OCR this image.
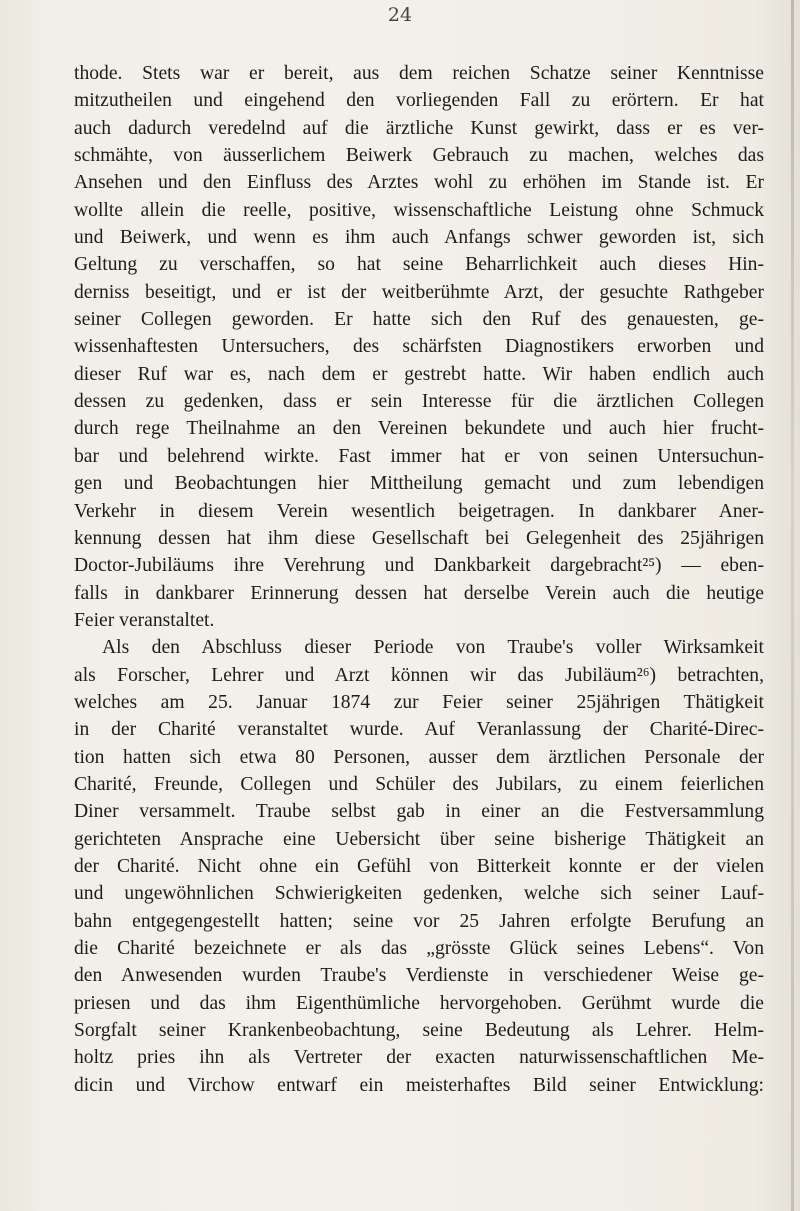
24
thode. Stets war er bereit, aus dem reichen Schatze seiner Kenntnisse
mitzutheilen und eingehend den vorliegenden Fall zu erörtern. Er hat
auch dadurch veredelnd auf die ärztliche Kunst gewirkt, dass er es ver-
schmähte, von äusserlichem Beiwerk Gebrauch zu machen, welches das
Ansehen und den Einfluss des Arztes wohl zu erhöhen im Stande ist. Er
wollte allein die reelle, positive, wissenschaftliche Leistung ohne Schmuck
und Beiwerk, und wenn es ihm auch Anfangs schwer geworden ist, sich
Geltung zu verschaffen, so hat seine Beharrlichkeit auch dieses Hin-
derniss beseitigt, und er ist der weitberühmte Arzt, der gesuchte Rathgeber
seiner Collegen geworden. Er hatte sich den Ruf des genauesten, ge-
wissenhaftesten Untersuchers, des schärfsten Diagnostikers erworben und
dieser Ruf war es, nach dem er gestrebt hatte. Wir haben endlich auch
dessen zu gedenken, dass er sein Interesse für die ärztlichen Collegen
durch rege Theilnahme an den Vereinen bekundete und auch hier frucht-
bar und belehrend wirkte. Fast immer hat er von seinen Untersuchun-
gen und Beobachtungen hier Mittheilung gemacht und zum lebendigen
Verkehr in diesem Verein wesentlich beigetragen. In dankbarer Aner-
kennung dessen hat ihm diese Gesellschaft bei Gelegenheit des 25jährigen
Doctor-Jubiläums ihre Verehrung und Dankbarkeit dargebracht²⁵) — eben-
falls in dankbarer Erinnerung dessen hat derselbe Verein auch die heutige
Feier veranstaltet.
Als den Abschluss dieser Periode von Traube's voller Wirksamkeit
als Forscher, Lehrer und Arzt können wir das Jubiläum²⁶) betrachten,
welches am 25. Januar 1874 zur Feier seiner 25jährigen Thätigkeit
in der Charité veranstaltet wurde. Auf Veranlassung der Charité-Direc-
tion hatten sich etwa 80 Personen, ausser dem ärztlichen Personale der
Charité, Freunde, Collegen und Schüler des Jubilars, zu einem feierlichen
Diner versammelt. Traube selbst gab in einer an die Festversammlung
gerichteten Ansprache eine Uebersicht über seine bisherige Thätigkeit an
der Charité. Nicht ohne ein Gefühl von Bitterkeit konnte er der vielen
und ungewöhnlichen Schwierigkeiten gedenken, welche sich seiner Lauf-
bahn entgegengestellt hatten; seine vor 25 Jahren erfolgte Berufung an
die Charité bezeichnete er als das „grösste Glück seines Lebens“. Von
den Anwesenden wurden Traube's Verdienste in verschiedener Weise ge-
priesen und das ihm Eigenthümliche hervorgehoben. Gerühmt wurde die
Sorgfalt seiner Krankenbeobachtung, seine Bedeutung als Lehrer. Helm-
holtz pries ihn als Vertreter der exacten naturwissenschaftlichen Me-
dicin und Virchow entwarf ein meisterhaftes Bild seiner Entwicklung:
